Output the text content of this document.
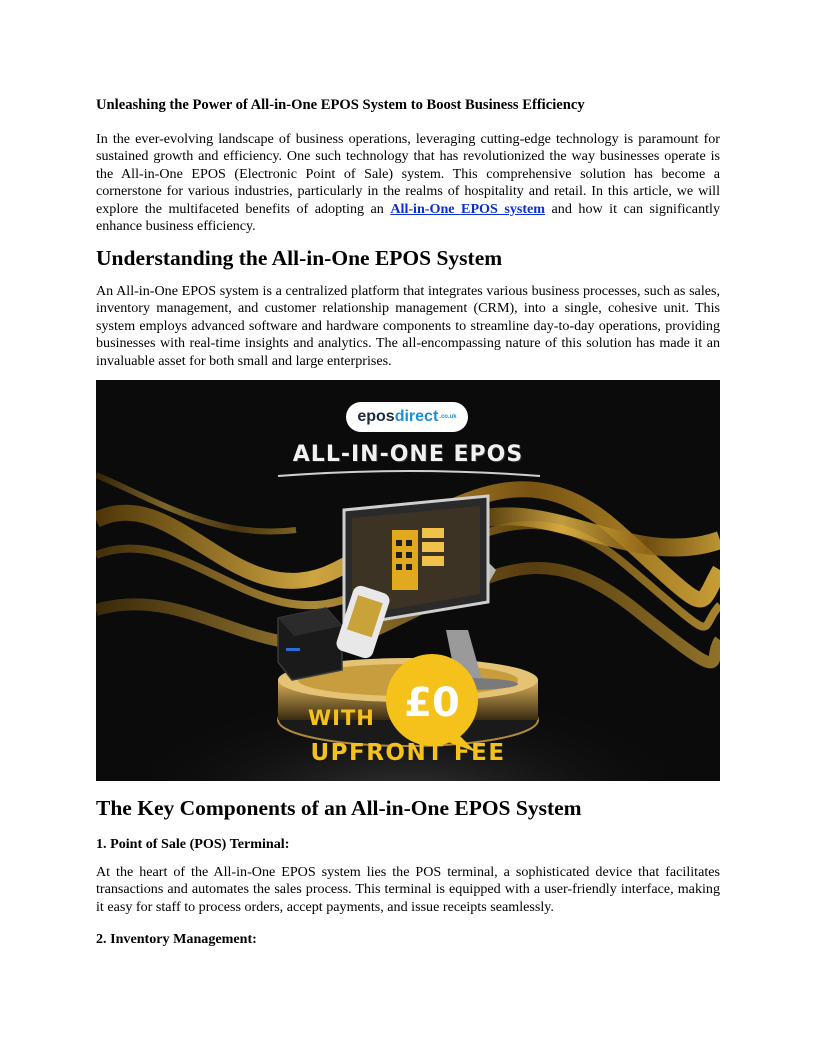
Unleashing the Power of All-in-One EPOS System to Boost Business Efficiency

In the ever-evolving landscape of business operations, leveraging cutting-edge technology is paramount for sustained growth and efficiency. One such technology that has revolutionized the way businesses operate is the All-in-One EPOS (Electronic Point of Sale) system. This comprehensive solution has become a cornerstone for various industries, particularly in the realms of hospitality and retail. In this article, we will explore the multifaceted benefits of adopting an All-in-One EPOS system and how it can significantly enhance business efficiency.

Understanding the All-in-One EPOS System

An All-in-One EPOS system is a centralized platform that integrates various business processes, such as sales, inventory management, and customer relationship management (CRM), into a single, cohesive unit. This system employs advanced software and hardware components to streamline day-to-day operations, providing businesses with real-time insights and analytics. The all-encompassing nature of this solution has made it an invaluable asset for both small and large enterprises.

epos direct .co.uk
ALL-IN-ONE EPOS
£0
WITH
UPFRONT FEE
The Key Components of an All-in-One EPOS System
1. Point of Sale (POS) Terminal:

At the heart of the All-in-One EPOS system lies the POS terminal, a sophisticated device that facilitates transactions and automates the sales process. This terminal is equipped with a user-friendly interface, making it easy for staff to process orders, accept payments, and issue receipts seamlessly.

2. Inventory Management:
